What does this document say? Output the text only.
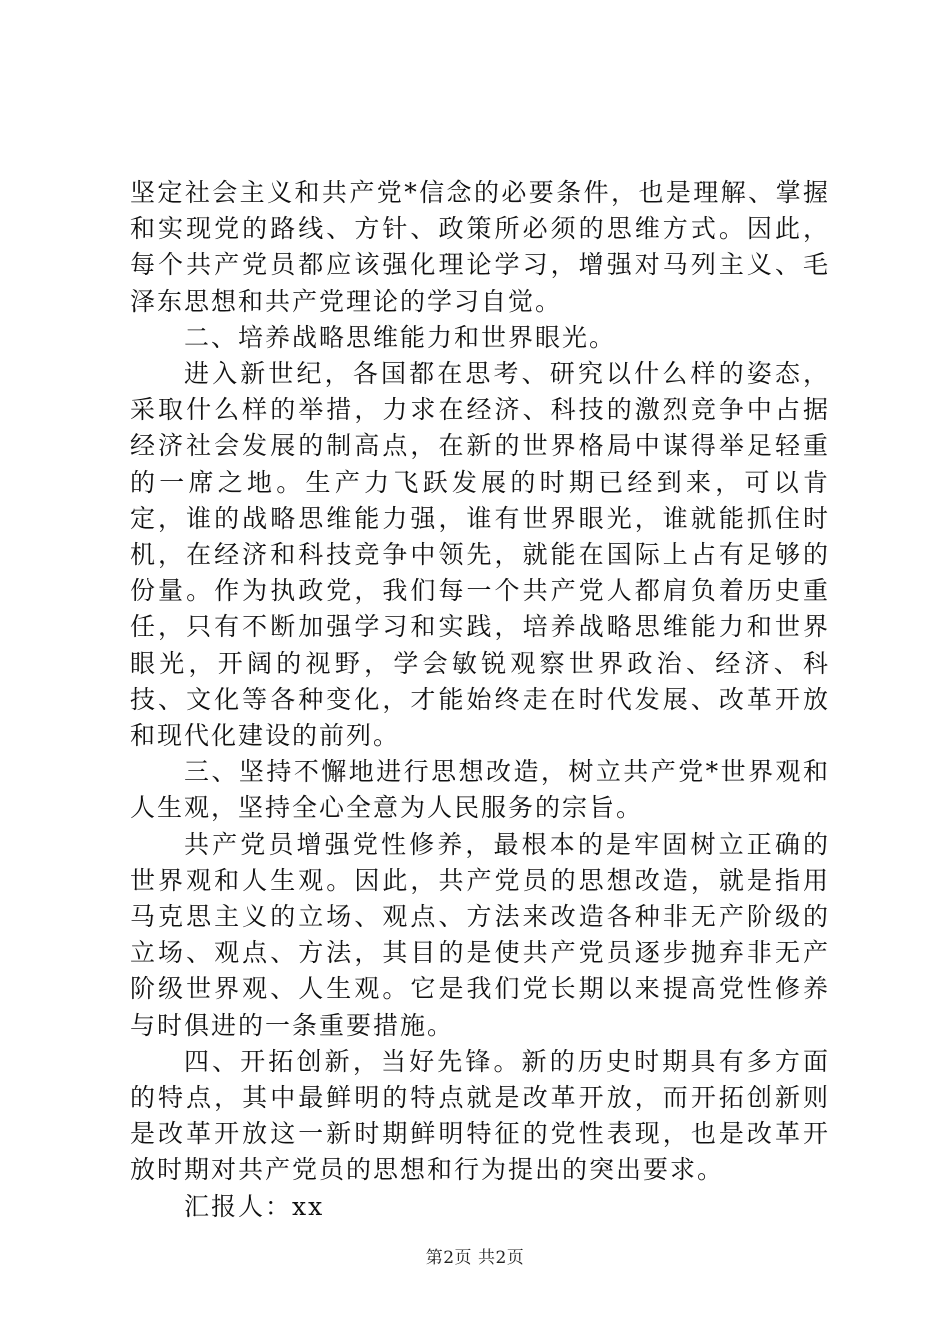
坚定社会主义和共产党*信念的必要条件，也是理解、掌握和实现党的路线、方针、政策所必须的思维方式。因此，每个共产党员都应该强化理论学习，增强对马列主义、毛泽东思想和共产党理论的学习自觉。

二、培养战略思维能力和世界眼光。

进入新世纪，各国都在思考、研究以什么样的姿态，采取什么样的举措，力求在经济、科技的激烈竞争中占据经济社会发展的制高点，在新的世界格局中谋得举足轻重的一席之地。生产力飞跃发展的时期已经到来，可以肯定，谁的战略思维能力强，谁有世界眼光，谁就能抓住时机，在经济和科技竞争中领先，就能在国际上占有足够的份量。作为执政党，我们每一个共产党人都肩负着历史重任，只有不断加强学习和实践，培养战略思维能力和世界眼光，开阔的视野，学会敏锐观察世界政治、经济、科技、文化等各种变化，才能始终走在时代发展、改革开放和现代化建设的前列。

三、坚持不懈地进行思想改造，树立共产党*世界观和人生观，坚持全心全意为人民服务的宗旨。

共产党员增强党性修养，最根本的是牢固树立正确的世界观和人生观。因此，共产党员的思想改造，就是指用马克思主义的立场、观点、方法来改造各种非无产阶级的立场、观点、方法，其目的是使共产党员逐步抛弃非无产阶级世界观、人生观。它是我们党长期以来提高党性修养与时俱进的一条重要措施。

四、开拓创新，当好先锋。新的历史时期具有多方面的特点，其中最鲜明的特点就是改革开放，而开拓创新则是改革开放这一新时期鲜明特征的党性表现，也是改革开放时期对共产党员的思想和行为提出的突出要求。

汇报人：xx

第2页 共2页
